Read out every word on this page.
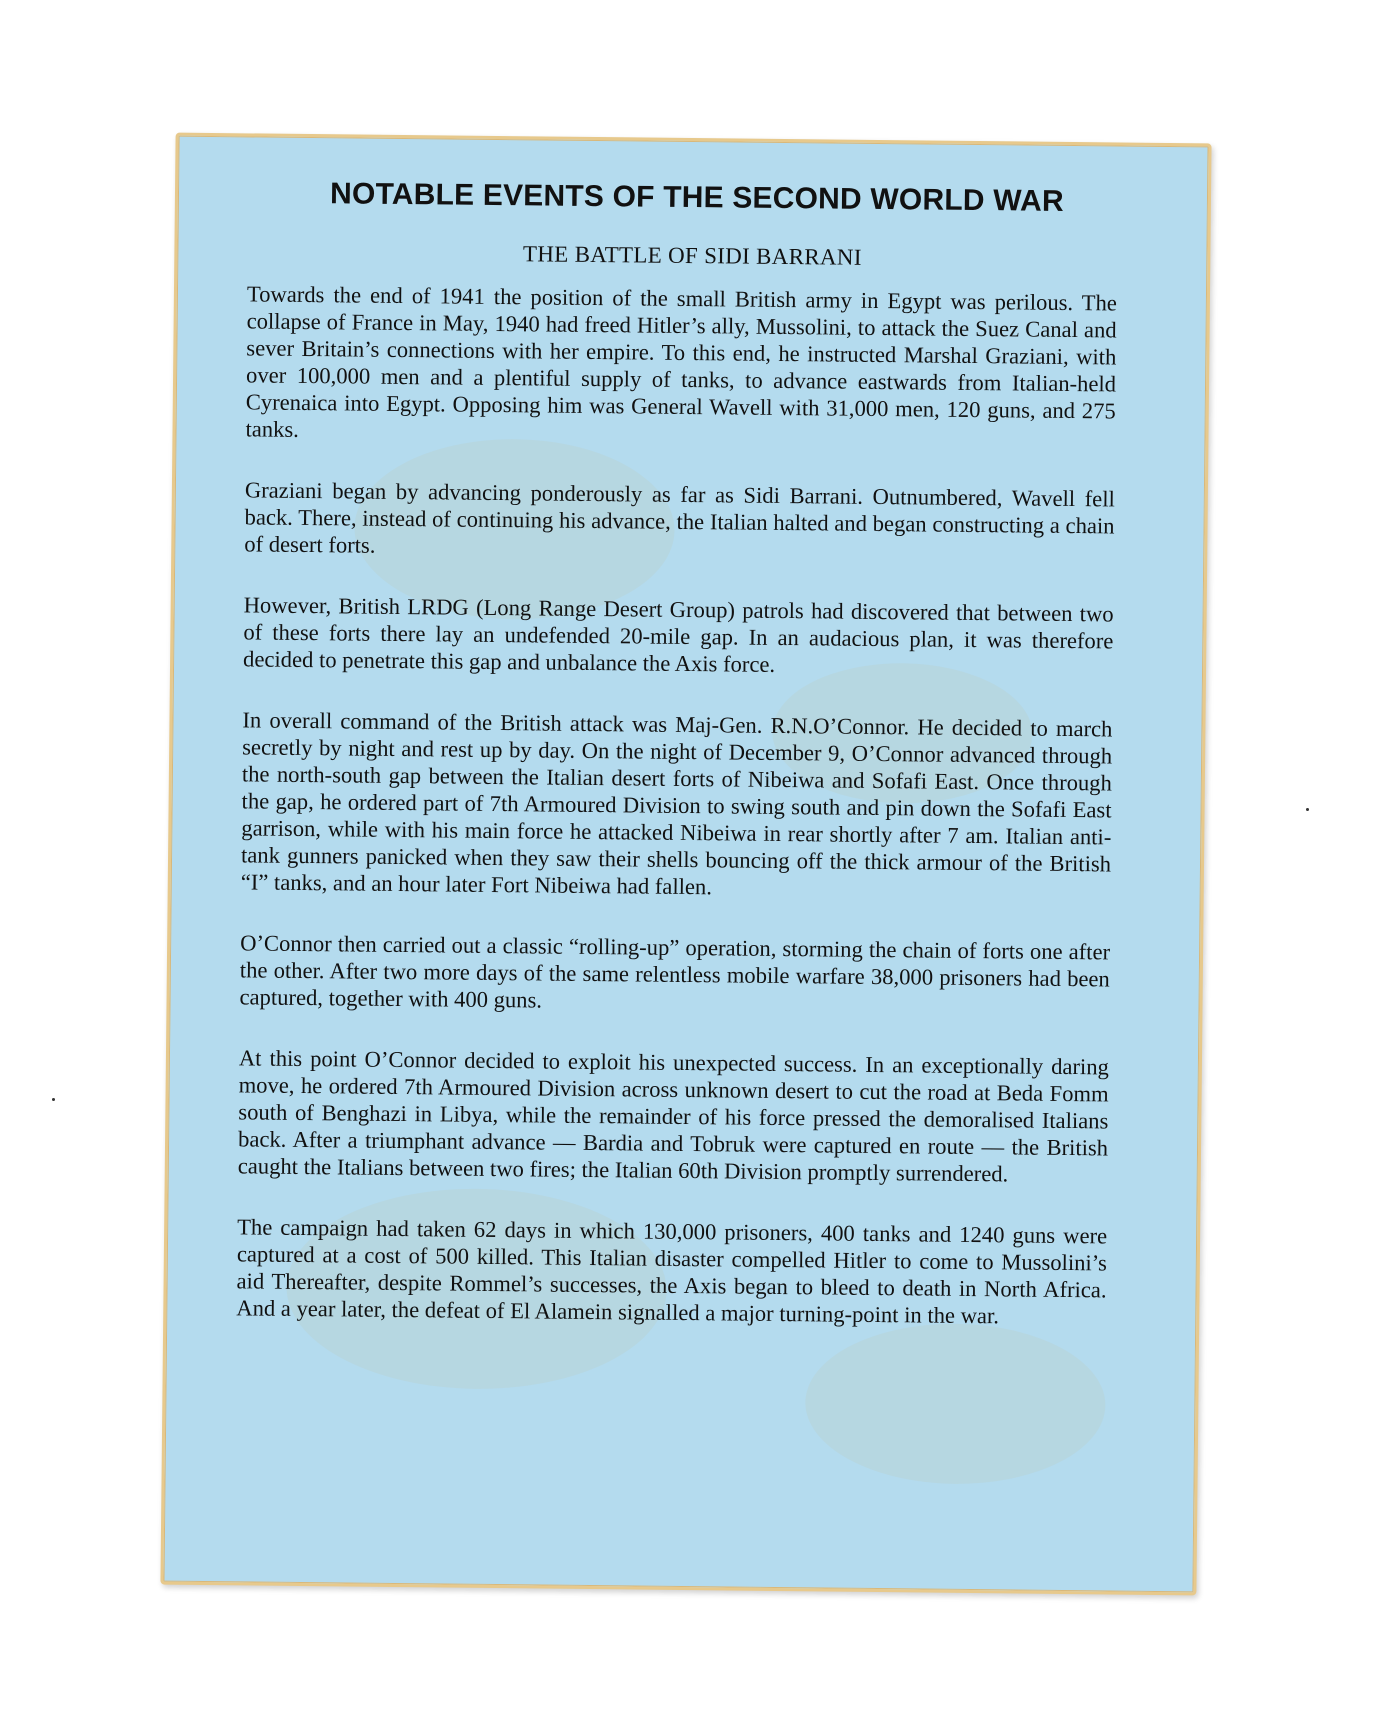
NOTABLE EVENTS OF THE SECOND WORLD WAR
THE BATTLE OF SIDI BARRANI

Towards the end of 1941 the position of the small British army in Egypt was perilous. The collapse of France in May, 1940 had freed Hitler’s ally, Mussolini, to attack the Suez Canal and sever Britain’s connections with her empire. To this end, he instructed Marshal Graziani, with over 100,000 men and a plentiful supply of tanks, to advance eastwards from Italian-held Cyrenaica into Egypt. Opposing him was General Wavell with 31,000 men, 120 guns, and 275 tanks.

Graziani began by advancing ponderously as far as Sidi Barrani. Outnumbered, Wavell fell back. There, instead of continuing his advance, the Italian halted and began constructing a chain of desert forts.

However, British LRDG (Long Range Desert Group) patrols had discovered that between two of these forts there lay an undefended 20-mile gap. In an audacious plan, it was therefore decided to penetrate this gap and unbalance the Axis force.

In overall command of the British attack was Maj-Gen. R.N.O’Connor. He decided to march secretly by night and rest up by day. On the night of December 9, O’Connor advanced through the north-south gap between the Italian desert forts of Nibeiwa and Sofafi East. Once through the gap, he ordered part of 7th Armoured Division to swing south and pin down the Sofafi East garrison, while with his main force he attacked Nibeiwa in rear shortly after 7 am. Italian anti-tank gunners panicked when they saw their shells bouncing off the thick armour of the British “I” tanks, and an hour later Fort Nibeiwa had fallen.

O’Connor then carried out a classic “rolling-up” operation, storming the chain of forts one after the other. After two more days of the same relentless mobile warfare 38,000 prisoners had been captured, together with 400 guns.

At this point O’Connor decided to exploit his unexpected success. In an exceptionally daring move, he ordered 7th Armoured Division across unknown desert to cut the road at Beda Fomm south of Benghazi in Libya, while the remainder of his force pressed the demoralised Italians back. After a triumphant advance — Bardia and Tobruk were captured en route — the British caught the Italians between two fires; the Italian 60th Division promptly surrendered.

The campaign had taken 62 days in which 130,000 prisoners, 400 tanks and 1240 guns were captured at a cost of 500 killed. This Italian disaster compelled Hitler to come to Mussolini’s aid Thereafter, despite Rommel’s successes, the Axis began to bleed to death in North Africa. And a year later, the defeat of El Alamein signalled a major turning-point in the war.
